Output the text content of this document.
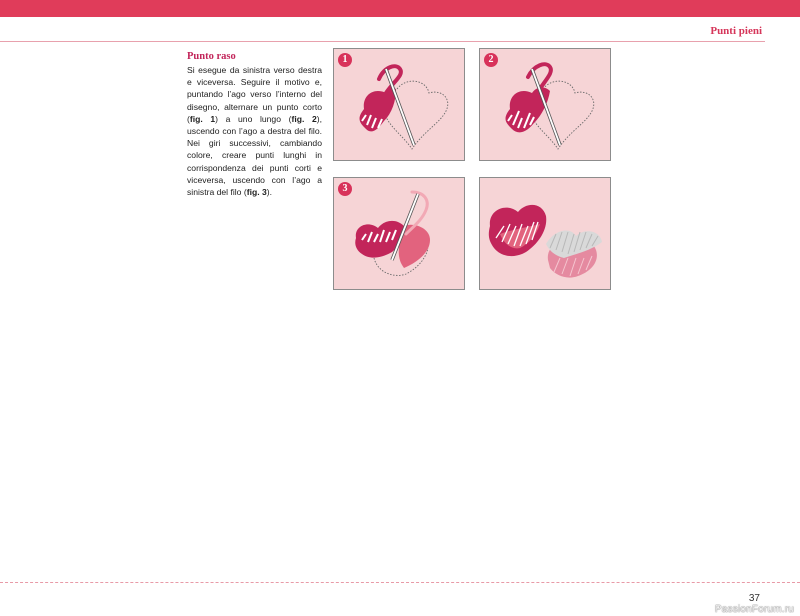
Punti pieni

Punto raso

Si esegue da sinistra verso destra e viceversa. Seguire il motivo e, puntando l’ago verso l’interno del disegno, alternare un punto corto (fig. 1) a uno lungo (fig. 2), uscendo con l’ago a destra del filo. Nei giri successivi, cambiando colore, creare punti lunghi in corrispondenza dei punti corti e viceversa, uscendo con l’ago a sinistra del filo (fig. 3).

1	2
3
37
PassionForum.ru
